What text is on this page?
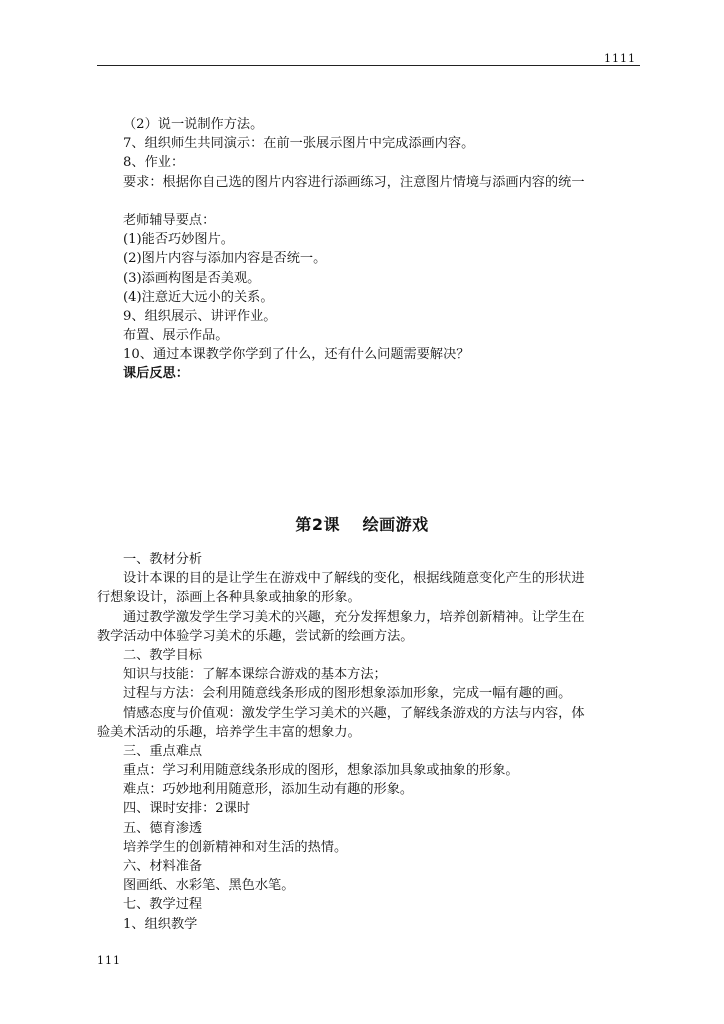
1111
（2）说一说制作方法。
7、组织师生共同演示：在前一张展示图片中完成添画内容。
8、作业：
要求：根据你自己选的图片内容进行添画练习，注意图片情境与添画内容的统一
老师辅导要点：
(1)能否巧妙图片。
(2)图片内容与添加内容是否统一。
(3)添画构图是否美观。
(4)注意近大远小的关系。
9、组织展示、讲评作业。
布置、展示作品。
10、通过本课教学你学到了什么，还有什么问题需要解决？
课后反思：
第2课　 绘画游戏
一、教材分析
设计本课的目的是让学生在游戏中了解线的变化，根据线随意变化产生的形状进
行想象设计，添画上各种具象或抽象的形象。
通过教学激发学生学习美术的兴趣，充分发挥想象力，培养创新精神。让学生在
教学活动中体验学习美术的乐趣，尝试新的绘画方法。
二、教学目标
知识与技能：了解本课综合游戏的基本方法；
过程与方法：会利用随意线条形成的图形想象添加形象，完成一幅有趣的画。
情感态度与价值观：激发学生学习美术的兴趣，了解线条游戏的方法与内容，体
验美术活动的乐趣，培养学生丰富的想象力。
三、重点难点
重点：学习利用随意线条形成的图形，想象添加具象或抽象的形象。
难点：巧妙地利用随意形，添加生动有趣的形象。
四、课时安排：2课时
五、德育渗透
培养学生的创新精神和对生活的热情。
六、材料准备
图画纸、水彩笔、黑色水笔。
七、教学过程
1、组织教学
111
